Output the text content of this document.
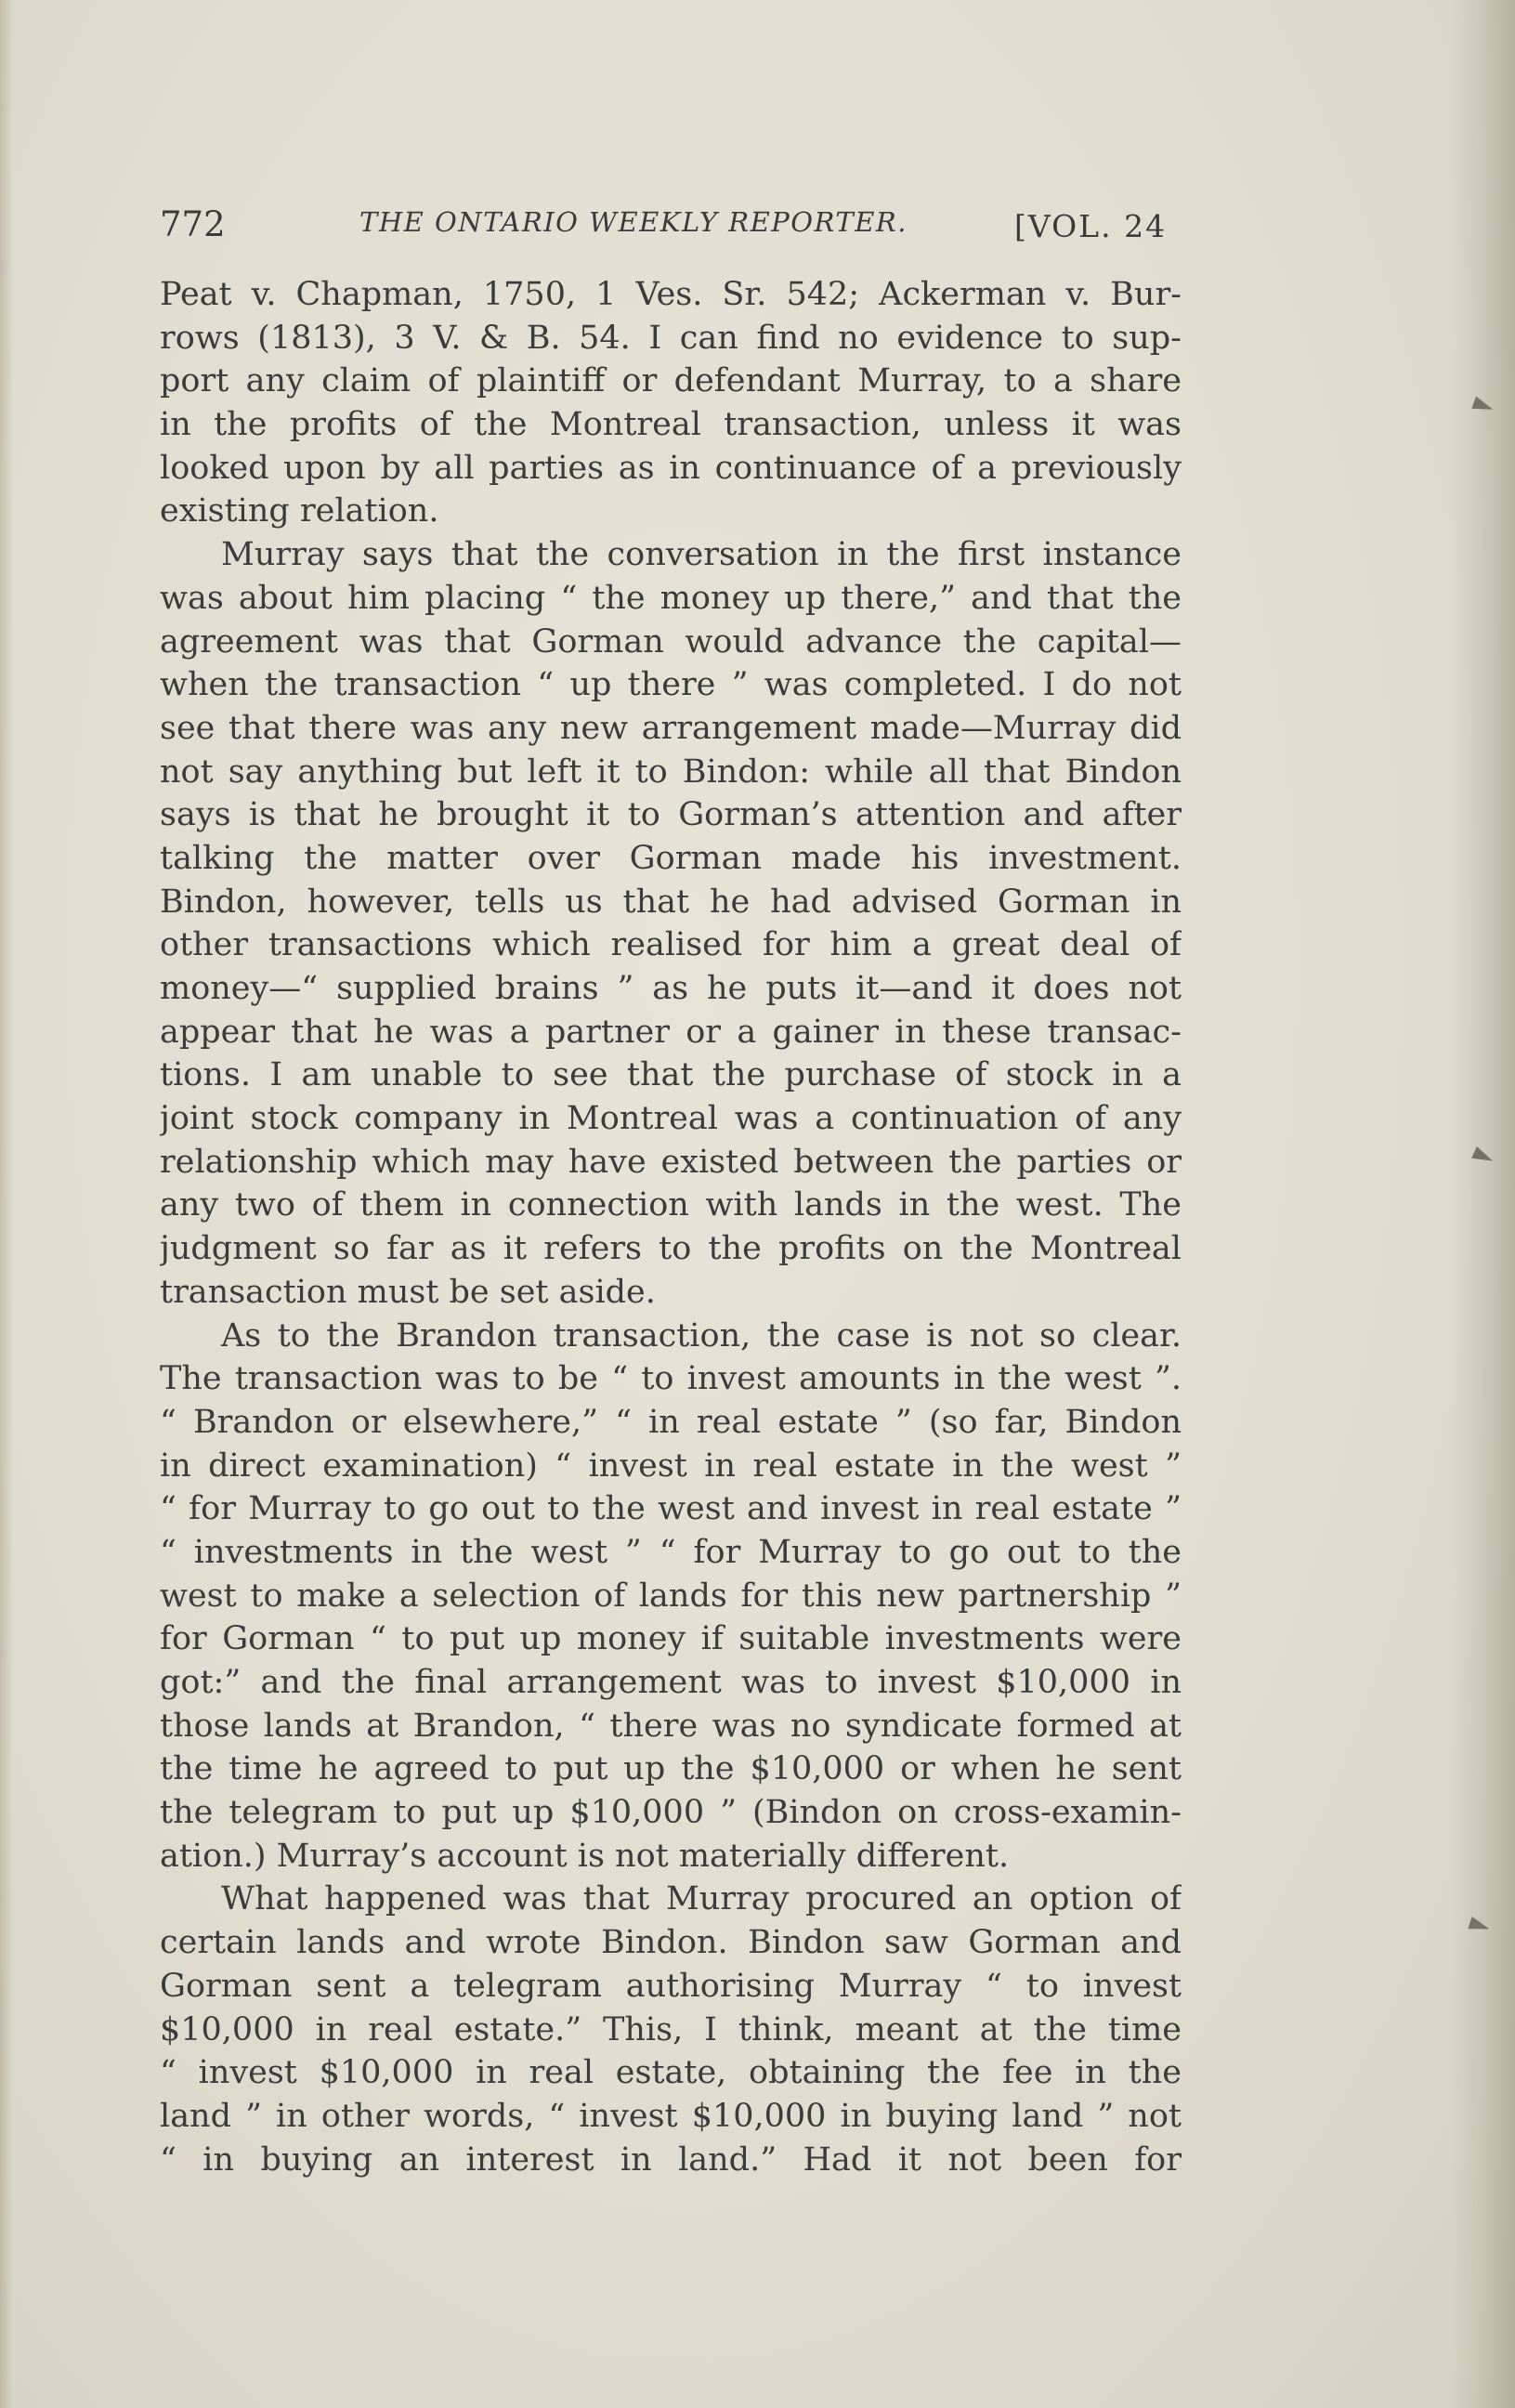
772	THE ONTARIO WEEKLY REPORTER.	[VOL. 24
Peat v. Chapman, 1750, 1 Ves. Sr. 542; Ackerman v. Bur-
rows (1813), 3 V. & B. 54. I can find no evidence to sup-
port any claim of plaintiff or defendant Murray, to a share
in the profits of the Montreal transaction, unless it was
looked upon by all parties as in continuance of a previously
existing relation.
Murray says that the conversation in the first instance
was about him placing “ the money up there,” and that the
agreement was that Gorman would advance the capital—
when the transaction “ up there ” was completed. I do not
see that there was any new arrangement made—Murray did
not say anything but left it to Bindon: while all that Bindon
says is that he brought it to Gorman’s attention and after
talking the matter over Gorman made his investment.
Bindon, however, tells us that he had advised Gorman in
other transactions which realised for him a great deal of
money—“ supplied brains ” as he puts it—and it does not
appear that he was a partner or a gainer in these transac-
tions. I am unable to see that the purchase of stock in a
joint stock company in Montreal was a continuation of any
relationship which may have existed between the parties or
any two of them in connection with lands in the west. The
judgment so far as it refers to the profits on the Montreal
transaction must be set aside.
As to the Brandon transaction, the case is not so clear.
The transaction was to be “ to invest amounts in the west ”.
“ Brandon or elsewhere,” “ in real estate ” (so far, Bindon
in direct examination) “ invest in real estate in the west ”
“ for Murray to go out to the west and invest in real estate ”
“ investments in the west ” “ for Murray to go out to the
west to make a selection of lands for this new partnership ”
for Gorman “ to put up money if suitable investments were
got:” and the final arrangement was to invest $10,000 in
those lands at Brandon, “ there was no syndicate formed at
the time he agreed to put up the $10,000 or when he sent
the telegram to put up $10,000 ” (Bindon on cross-examin-
ation.) Murray’s account is not materially different.
What happened was that Murray procured an option of
certain lands and wrote Bindon. Bindon saw Gorman and
Gorman sent a telegram authorising Murray “ to invest
$10,000 in real estate.” This, I think, meant at the time
“ invest $10,000 in real estate, obtaining the fee in the
land ” in other words, “ invest $10,000 in buying land ” not
“ in buying an interest in land.” Had it not been for
